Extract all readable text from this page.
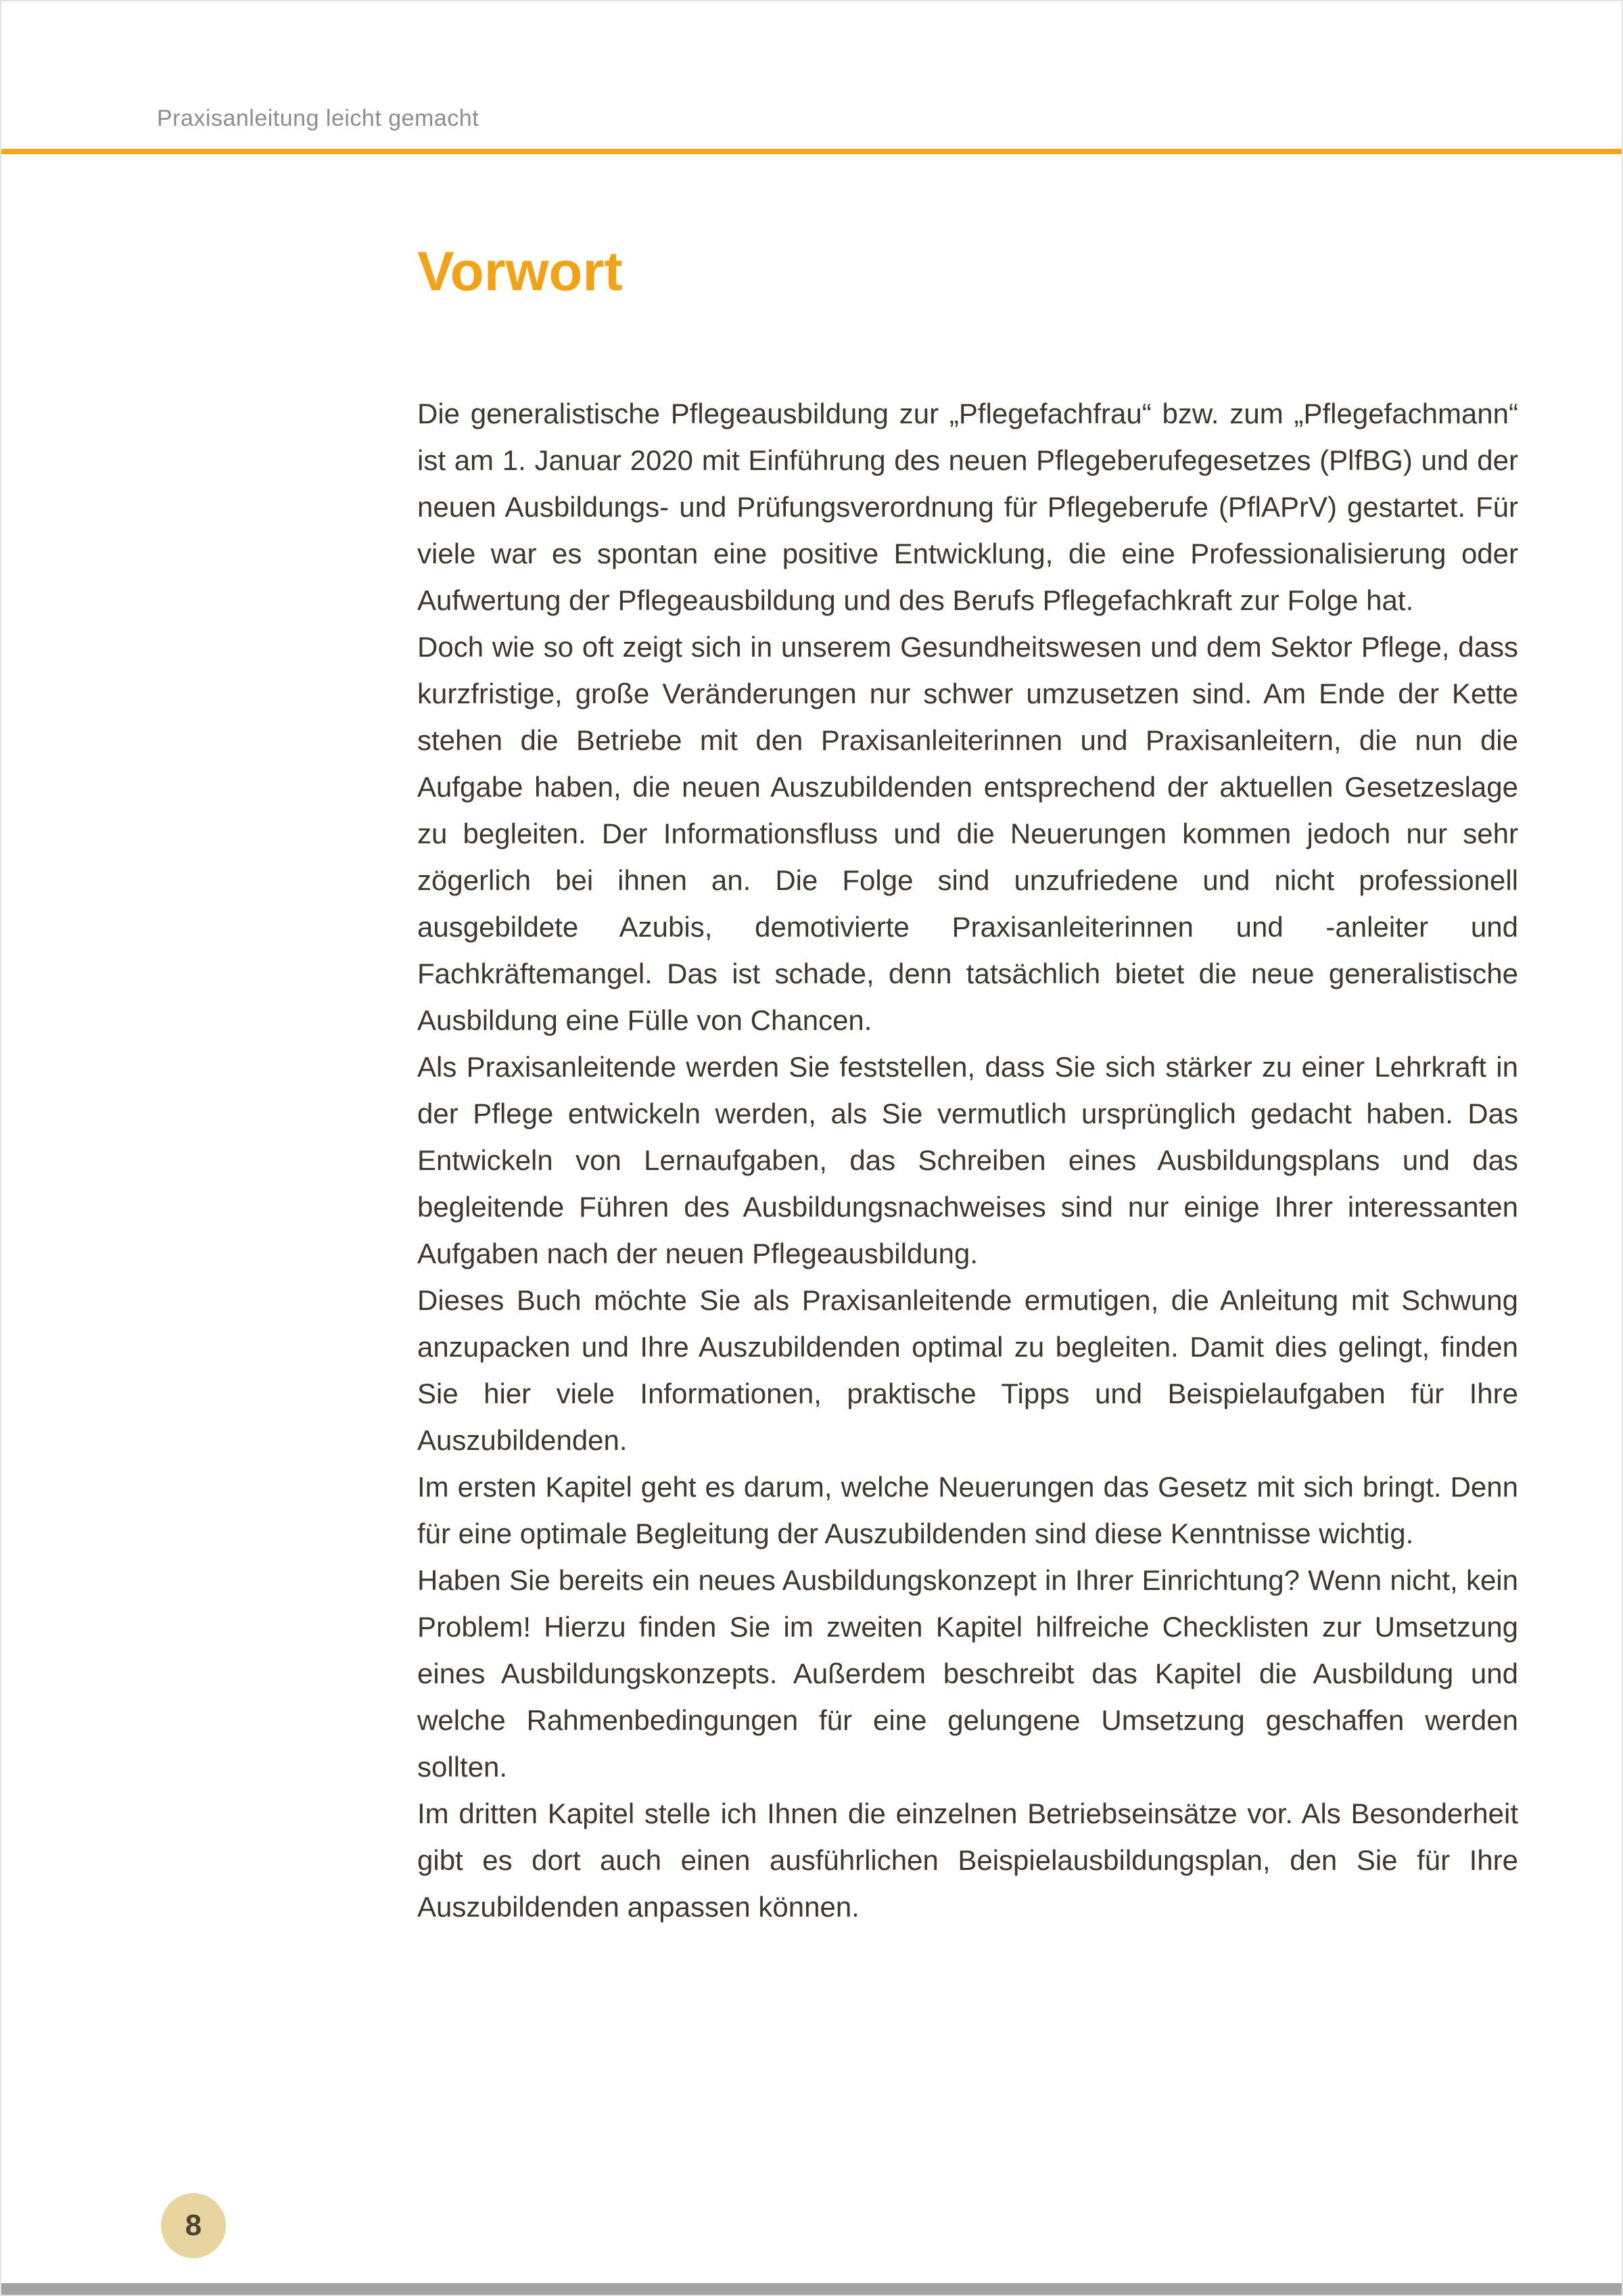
Praxisanleitung leicht gemacht
Vorwort

Die generalistische Pflegeausbildung zur „Pflegefachfrau“ bzw. zum „Pflegefachmann“ ist am 1. Januar 2020 mit Einführung des neuen Pflegeberufegesetzes (PlfBG) und der neuen Ausbildungs- und Prüfungsverordnung für Pflegeberufe (PflAPrV) gestartet. Für viele war es spontan eine positive Entwicklung, die eine Professionalisierung oder Aufwertung der Pflegeausbildung und des Berufs Pflegefachkraft zur Folge hat.

Doch wie so oft zeigt sich in unserem Gesundheitswesen und dem Sektor Pflege, dass kurzfristige, große Veränderungen nur schwer umzusetzen sind. Am Ende der Kette stehen die Betriebe mit den Praxisanleiterinnen und Praxisanleitern, die nun die Aufgabe haben, die neuen Auszubildenden entsprechend der aktuellen Gesetzeslage zu begleiten. Der Informationsfluss und die Neuerungen kommen jedoch nur sehr zögerlich bei ihnen an. Die Folge sind unzufriedene und nicht professionell ausgebildete Azubis, demotivierte Praxisanleiterinnen und -anleiter und Fachkräftemangel. Das ist schade, denn tatsächlich bietet die neue generalistische Ausbildung eine Fülle von Chancen.

Als Praxisanleitende werden Sie feststellen, dass Sie sich stärker zu einer Lehrkraft in der Pflege entwickeln werden, als Sie vermutlich ursprünglich gedacht haben. Das Entwickeln von Lernaufgaben, das Schreiben eines Ausbildungsplans und das begleitende Führen des Ausbildungsnachweises sind nur einige Ihrer interessanten Aufgaben nach der neuen Pflegeausbildung.

Dieses Buch möchte Sie als Praxisanleitende ermutigen, die Anleitung mit Schwung anzupacken und Ihre Auszubildenden optimal zu begleiten. Damit dies gelingt, finden Sie hier viele Informationen, praktische Tipps und Beispielaufgaben für Ihre Auszubildenden.

Im ersten Kapitel geht es darum, welche Neuerungen das Gesetz mit sich bringt. Denn für eine optimale Begleitung der Auszubildenden sind diese Kenntnisse wichtig.

Haben Sie bereits ein neues Ausbildungskonzept in Ihrer Einrichtung? Wenn nicht, kein Problem! Hierzu finden Sie im zweiten Kapitel hilfreiche Checklisten zur Umsetzung eines Ausbildungskonzepts. Außerdem beschreibt das Kapitel die Ausbildung und welche Rahmenbedingungen für eine gelungene Umsetzung geschaffen werden sollten.

Im dritten Kapitel stelle ich Ihnen die einzelnen Betriebseinsätze vor. Als Besonderheit gibt es dort auch einen ausführlichen Beispielausbildungsplan, den Sie für Ihre Auszubildenden anpassen können.

8
